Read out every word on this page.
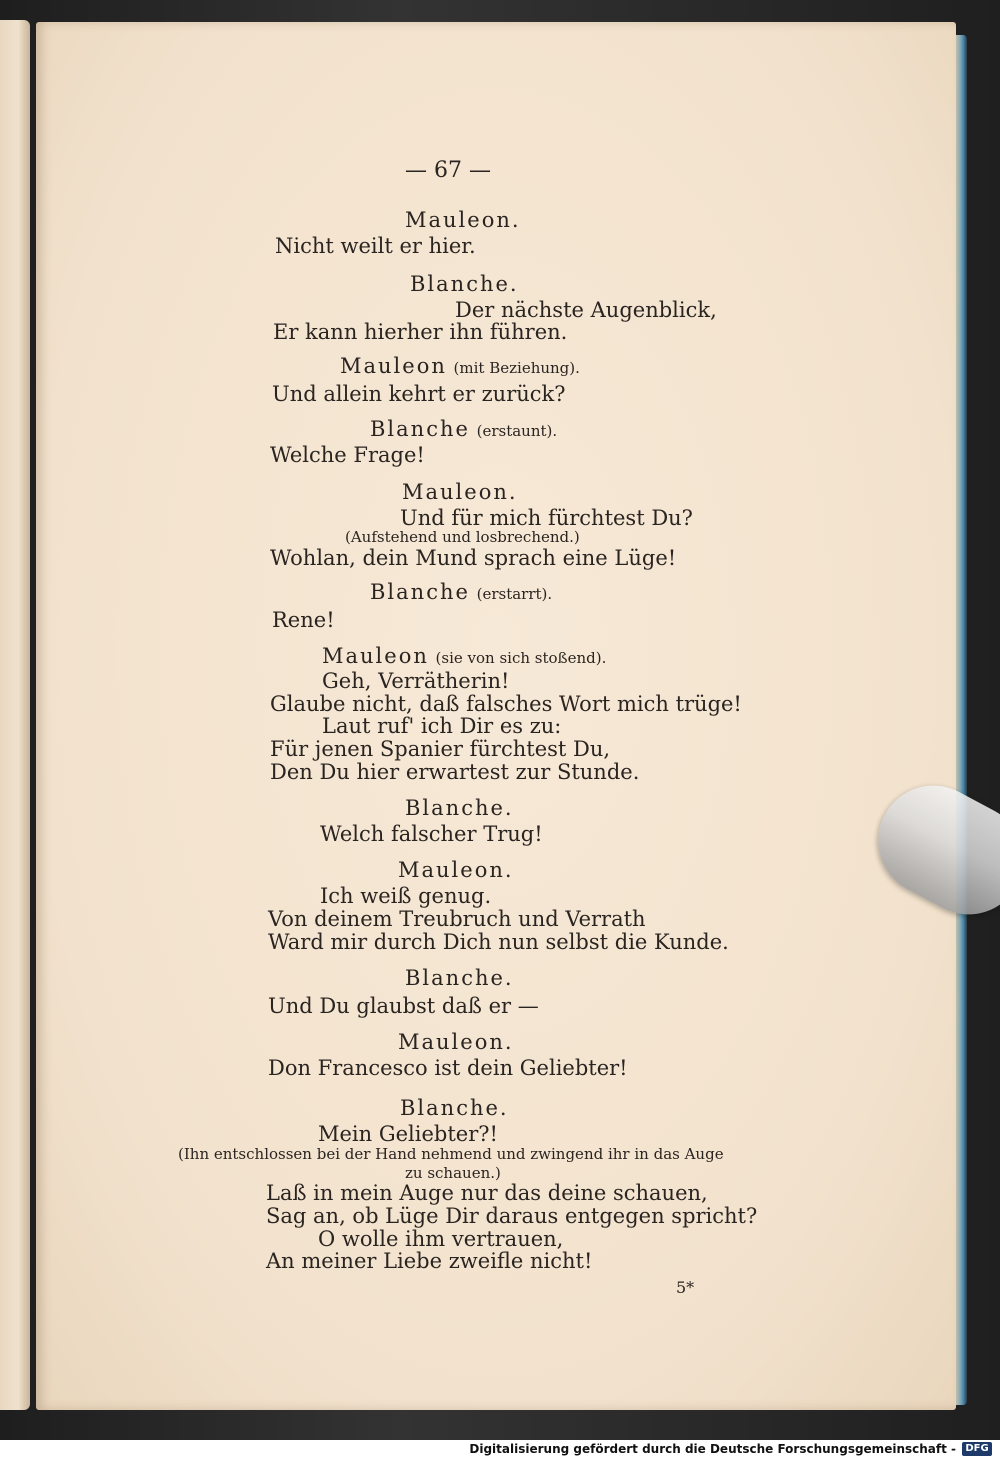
— 67 —
Mauleon.
Nicht weilt er hier.
Blanche.
Der nächste Augenblick,
Er kann hierher ihn führen.
Mauleon (mit Beziehung).
Und allein kehrt er zurück?
Blanche (erstaunt).
Welche Frage!
Mauleon.
Und für mich fürchtest Du?
(Aufstehend und losbrechend.)
Wohlan, dein Mund sprach eine Lüge!
Blanche (erstarrt).
Rene!
Mauleon (sie von sich stoßend).
Geh, Verrätherin!
Glaube nicht, daß falsches Wort mich trüge!
Laut ruf' ich Dir es zu:
Für jenen Spanier fürchtest Du,
Den Du hier erwartest zur Stunde.
Blanche.
Welch falscher Trug!
Mauleon.
Ich weiß genug.
Von deinem Treubruch und Verrath
Ward mir durch Dich nun selbst die Kunde.
Blanche.
Und Du glaubst daß er —
Mauleon.
Don Francesco ist dein Geliebter!
Blanche.
Mein Geliebter?!
(Ihn entschlossen bei der Hand nehmend und zwingend ihr in das Auge
zu schauen.)
Laß in mein Auge nur das deine schauen,
Sag an, ob Lüge Dir daraus entgegen spricht?
O wolle ihm vertrauen,
An meiner Liebe zweifle nicht!
5*
Digitalisierung gefördert durch die Deutsche Forschungsgemeinschaft - DFG
